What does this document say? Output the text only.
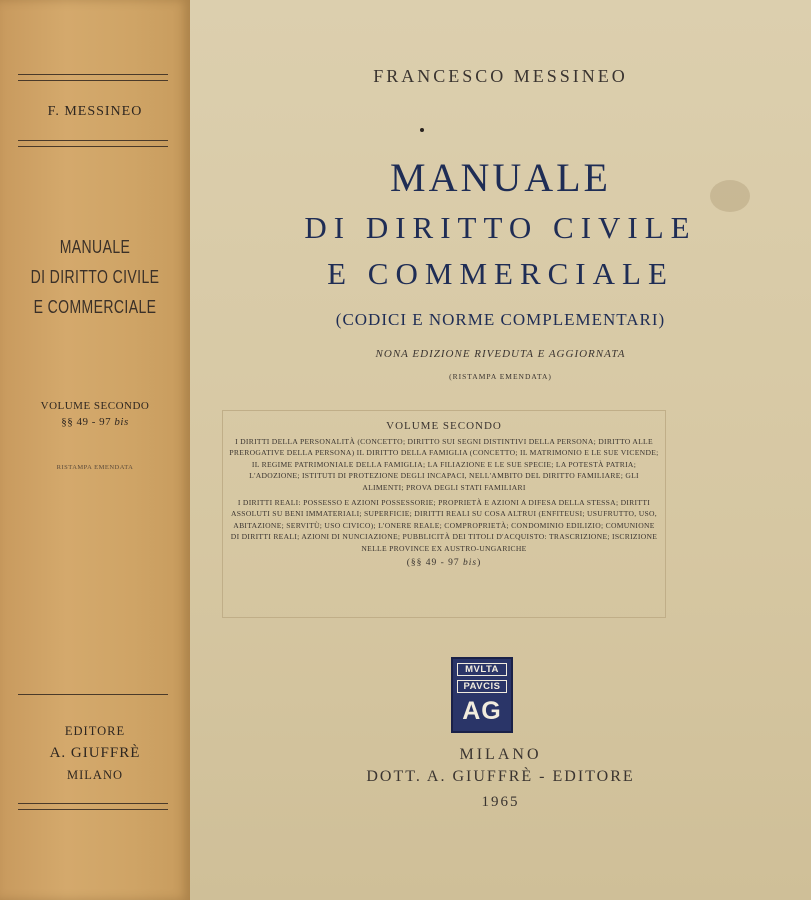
F. MESSINEO
MANUALE
DI DIRITTO CIVILE
E COMMERCIALE
VOLUME SECONDO
§§ 49 - 97 bis
RISTAMPA EMENDATA
EDITORE
A. GIUFFRÈ
MILANO
FRANCESCO MESSINEO
MANUALE
DI DIRITTO CIVILE
E COMMERCIALE
(CODICI E NORME COMPLEMENTARI)
NONA EDIZIONE RIVEDUTA E AGGIORNATA
(RISTAMPA EMENDATA)
VOLUME SECONDO

I DIRITTI DELLA PERSONALITÀ (CONCETTO; DIRITTO SUI SEGNI DISTINTIVI DELLA PERSONA; DIRITTO ALLE PREROGATIVE DELLA PERSONA) IL DIRITTO DELLA FAMIGLIA (CONCETTO; IL MATRIMONIO E LE SUE VICENDE; IL REGIME PATRIMONIALE DELLA FAMIGLIA; LA FILIAZIONE E LE SUE SPECIE; LA POTESTÀ PATRIA; L'ADOZIONE; ISTITUTI DI PROTEZIONE DEGLI INCAPACI, NELL'AMBITO DEL DIRITTO FAMILIARE; GLI ALIMENTI; PROVA DEGLI STATI FAMILIARI

I DIRITTI REALI: POSSESSO E AZIONI POSSESSORIE; PROPRIETÀ E AZIONI A DIFESA DELLA STESSA; DIRITTI ASSOLUTI SU BENI IMMATERIALI; SUPERFICIE; DIRITTI REALI SU COSA ALTRUI (ENFITEUSI; USUFRUTTO, USO, ABITAZIONE; SERVITÙ; USO CIVICO); L'ONERE REALE; COMPROPRIETÀ; CONDOMINIO EDILIZIO; COMUNIONE DI DIRITTI REALI; AZIONI DI NUNCIAZIONE; PUBBLICITÀ DEI TITOLI D'ACQUISTO: TRASCRIZIONE; ISCRIZIONE NELLE PROVINCE EX AUSTRO-UNGARICHE

(§§ 49 - 97 bis)
MVLTA
PAVCIS
AG
MILANO
DOTT. A. GIUFFRÈ - EDITORE
1965
